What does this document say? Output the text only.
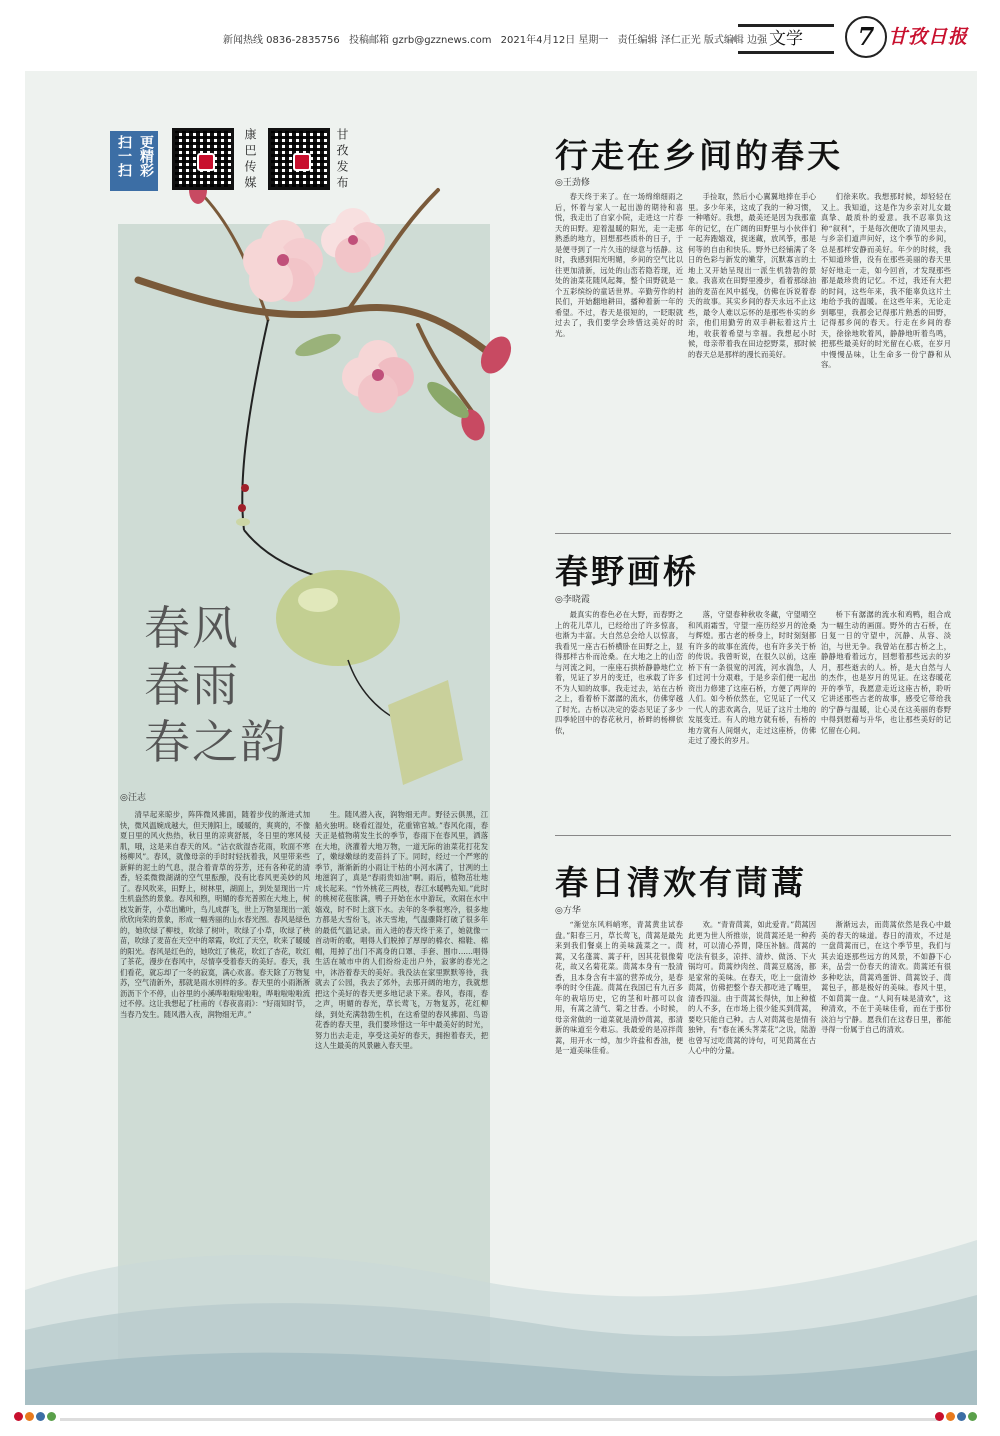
新闻热线 0836-2835756 投稿邮箱 gzrb@gzznews.com 2021年4月12日 星期一 责任编辑 泽仁正光 版式编辑 边强
◀ 文学	7 甘孜日报
扫一扫 更精彩	康巴传媒	甘孜发布
春风
春雨
春之韵
◎汪志

清早起来晾步，阵阵微风拂面，随着步伐的渐进式加快，微风温婉成越大，但天刚阳上，暖暖的，爽爽的，不像夏日里的风火热热，秋日里的凉爽舒展，冬日里的寒风侵肌，哦，这是来自春天的风。“沾衣欲湿杏花雨，吹面不寒杨柳风”。春风，就像母亲的手时时轻抚着我，风里带来些新鲜的泥土的气息，混合着青草的芬芳，还有各种花的清香，轻柔微微湖湖的空气里酝酿，没有比春风更美妙的风了。春风吹来，田野上，树林里，湖面上，到处显现出一片生机盎然的景象。春风和煦，明媚的春光普照在大地上，树枝发新芽，小草出嫩叶，鸟儿成群飞，世上万物显现出一派欣欣向荣的景象，形成一幅秀丽的山水春光图。春风是绿色的，她吹绿了柳枝，吹绿了树叶，吹绿了小草，吹绿了秧苗，吹绿了麦苗在天空中的翠霞，吹红了天空，吹来了暖暖的阳光。春风是红色的，她吹红了桃花，吹红了杏花，吹红了茶花，漫步在春风中，尽情享受着春天的美好。春天，我们看花，就忘却了一冬的寂寞，满心欢喜。春天除了万物复苏，空气清新外，那就是雨水别样的多。春天里的小雨淅淅沥沥下个不停，山谷里的小溪哗啦啦啦啦啦，哗啦啦啦啦流过不停。这让我想起了杜甫的《春夜喜雨》：“好雨知时节，当春乃发生。随风潜入夜，润物细无声。”

生。随风潜入夜，润物细无声。野径云俱黑，江船火独明。晓看红湿处，花重锦官城。”春风化雨，春天正是植物萌发生长的季节，春雨下在春风里，洒落在大地，浇灌着大地万物，一道无际的油菜花打花发了，嫩绿嫩绿的麦苗抖了下。同时，经过一个严寒的季节，渐渐新的小雨让干枯的小河水满了，甘冽的土地滋润了，真是“春雨贵如油”啊。雨后，植物茁壮地成长起来。“竹外桃花三两枝，春江水暖鸭先知。”此时的桃树花苞胀满，鸭子开始在水中游玩，欢闹在水中嬉戏，时不时上演下水。去年的冬季很寒冷，很多地方都是大雪纷飞，冰天雪地，气温骤降打破了很多年的最低气温记录。而入进的春天终于来了，她就像一首动听的歌，唱得人们脱掉了厚厚的棉衣、棉鞋、棉帽，甩掉了出门不离身的口罩、手套、围巾……唱得生活在城市中的人们纷纷走出户外，寂寥的春光之中，沐浴着春天的美好。我没法在家里默默等待，我就去了公园，我去了郊外，去那开阔的地方，我就想把这个美好的春天更多地记录下来。春风，春雨，春之声，明媚的春光，草长莺飞，万物复苏，花红柳绿，到处充满勃勃生机，在这希望的春风拂面、鸟语花香的春天里，我们要珍惜这一年中最美好的时光，努力出去走走，享受这美好的春天，拥抱着春天，把这人生最美的风景融入春天里。

行走在乡间的春天
◎王劲修

春天终于来了。在一场绵绵细雨之后，怀着与家人一起出游的期待和喜悦，我走出了自家小院，走进这一片春天的田野。迎着温暖的阳光，走一走那熟悉的地方，回想那些质朴的日子，于是便寻到了一片久违的绿意与恬静。这时，我感到阳光明媚，乡间的空气比以往更加清新，远处的山峦若隐若现，近处的油菜花随风起舞，整个田野就是一个五彩缤纷的童话世界。辛勤劳作的村民们，开始翻地耕田，播种着新一年的希望。不过，春天是很短的，一眨眼就过去了，我们要学会珍惜这美好的时光。

手捡取，然后小心翼翼地捧在手心里。多少年来，这成了我的一种习惯，一种嗜好。我想，最美还是因为我那童年的记忆，在广阔的田野里与小伙伴们一起奔跑嬉戏，捉迷藏，放风筝，那是何等的自由和快乐。野外已经铺满了冬日的色彩与新发的嫩芽，沉默寡言的土地上又开始呈现出一派生机勃勃的景象。我喜欢在田野里漫步，看着那绿油油的麦苗在风中摇曳，仿佛在诉说着春天的故事。其实乡间的春天永远不止这些，最令人难以忘怀的是那些朴实的乡亲，他们用勤劳的双手耕耘着这片土地，收获着希望与幸福。我想起小时候，母亲带着我在田边挖野菜，那时候的春天总是那样的漫长而美好。

们徐来吹。我想那时候，却轻轻在又上。我知道，这是作为乡亲对儿女最真挚、最质朴的爱意。我不忍辜负这种“叙利”，于是每次便吹了清风里去，与乡亲们道声问好，这个季节的乡间，总是那样安静而美好。年少的时候，我不知道珍惜，没有在那些美丽的春天里好好地走一走，如今回首，才发现那些都是最珍贵的记忆。不过，我还有大把的时间，这些年来，我不能辜负这片土地给予我的温暖。在这些年来，无论走到哪里，我都会记得那片熟悉的田野，记得那乡间的春天。行走在乡间的春天，徐徐地吹着风，静静地听着鸟鸣，把那些最美好的时光留在心底，在岁月中慢慢品味，让生命多一份宁静和从容。

春野画桥
◎李晓霞

最真实的春色必在大野，而春野之上的花儿草儿，已经给出了许多惊喜，也渐为丰富。大自然总会给人以惊喜，我看见一座古石桥横卧在田野之上，显得那样古朴而沧桑。在大地之上的山峦与河流之间，一座座石拱桥静静地伫立着，见证了岁月的变迁，也承载了许多不为人知的故事。我走过去，站在古桥之上，看着桥下潺潺的流水，仿佛穿越了时光。古桥以决定的姿态见证了多少四季轮回中的春花秋月，桥畔的杨柳依依，

落，守望春种秋收冬藏，守望晴空和风雨霜雪，守望一座历经岁月的沧桑与辉煌。那古老的桥身上，时时刻刻都有许多的故事在流传，也有许多关于桥的传说。我曾听说，在很久以前，这座桥下有一条很宽的河流，河水湍急，人们过河十分艰难，于是乡亲们便一起出资出力修建了这座石桥，方便了两岸的人们。如今桥依然在，它见证了一代又一代人的悲欢离合，见证了这片土地的发展变迁。有人的地方就有桥，有桥的地方就有人间烟火，走过这座桥，仿佛走过了漫长的岁月。

桥下有潺潺的流水和鸡鸭，组合成为一幅生动的画面。野外的古石桥，在日复一日的守望中，沉静、从容、淡泊，与世无争。我曾站在那古桥之上，静静地看着远方，回想着那些远去的岁月，那些逝去的人。桥，是大自然与人的杰作，也是岁月的见证。在这春暖花开的季节，我愿意走近这座古桥，聆听它讲述那些古老的故事，感受它带给我的宁静与温暖，让心灵在这美丽的春野中得到慰藉与升华，也让那些美好的记忆留在心间。

春日清欢有茼蒿
◎方华

“渐觉东风料峭寒，青蒿黄韭试春盘。”阳春三月，草长莺飞，茼蒿是最先来到我们餐桌上的美味蔬菜之一。茼蒿，又名蓬蒿、蒿子秆，因其花很像菊花，故又名菊花菜。茼蒿本身有一股清香，且本身含有丰富的营养成分，是春季的时令佳蔬。茼蒿在我国已有九百多年的栽培历史，它的茎和叶都可以食用，有蒿之清气、菊之甘香。小时候，母亲常做的一道菜就是清炒茼蒿，那清新的味道至今难忘。我最爱的是凉拌茼蒿，用开水一焯，加少许盐和香油，便是一道美味佳肴。

欢。“青青茼蒿，如此爱青。”茼蒿因此更为世人所推崇，说茼蒿还是一种药材，可以清心养胃，降压补脑。茼蒿的吃法有很多，凉拌、清炒、做汤、下火锅均可。茼蒿炒肉丝、茼蒿豆腐汤，都是家常的美味。在春天，吃上一盘清炒茼蒿，仿佛把整个春天都吃进了嘴里，清香四溢。由于茼蒿长得快，加上种植的人不多，在市场上很少能买到茼蒿，要吃只能自己种。古人对茼蒿也是情有独钟，有“春在溪头荠菜花”之说，陆游也曾写过吃茼蒿的诗句，可见茼蒿在古人心中的分量。

渐渐远去，而茼蒿依然是我心中最美的春天的味道。春日的清欢，不过是一盘茼蒿而已，在这个季节里，我们与其去追逐那些远方的风景，不如静下心来，品尝一份春天的清欢。茼蒿还有很多种吃法，茼蒿鸡蛋饼、茼蒿饺子、茼蒿包子，都是极好的美味。春风十里，不如茼蒿一盘。“人间有味是清欢”，这种清欢，不在于美味佳肴，而在于那份淡泊与宁静。愿我们在这春日里，都能寻得一份属于自己的清欢。
